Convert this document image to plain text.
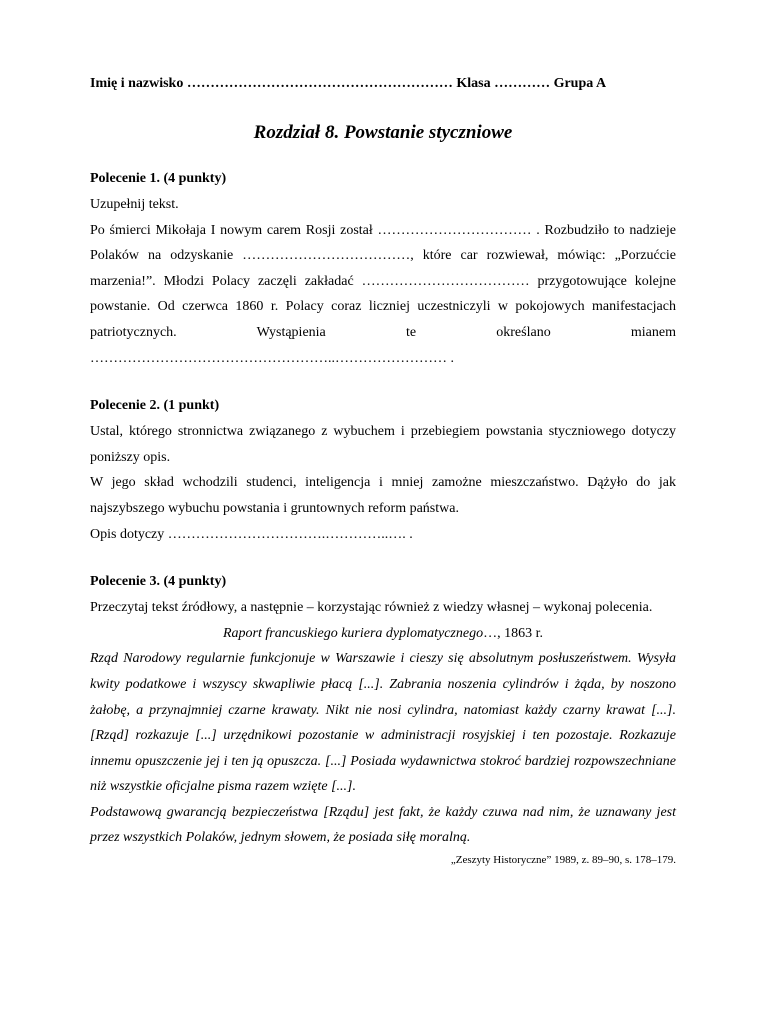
Imię i nazwisko ………………………………………………… Klasa ………… Grupa A

Rozdział 8. Powstanie styczniowe

Polecenie 1. (4 punkty)

Uzupełnij tekst.

Po śmierci Mikołaja I nowym carem Rosji został …………………………… . Rozbudziło to nadzieje Polaków na odzyskanie ………………………………, które car rozwiewał, mówiąc: „Porzućcie marzenia!”. Młodzi Polacy zaczęli zakładać ……………………………… przygotowujące kolejne powstanie. Od czerwca 1860 r. Polacy coraz liczniej uczestniczyli w pokojowych manifestacjach patriotycznych. Wystąpienia te określano mianem ……………………………………………..…………………… .

Polecenie 2. (1 punkt)

Ustal, którego stronnictwa związanego z wybuchem i przebiegiem powstania styczniowego dotyczy poniższy opis.

W jego skład wchodzili studenci, inteligencja i mniej zamożne mieszczaństwo. Dążyło do jak najszybszego wybuchu powstania i gruntownych reform państwa.

Opis dotyczy …………………………….…………..…. .

Polecenie 3. (4 punkty)

Przeczytaj tekst źródłowy, a następnie – korzystając również z wiedzy własnej – wykonaj polecenia.

Raport francuskiego kuriera dyplomatycznego…, 1863 r.

Rząd Narodowy regularnie funkcjonuje w Warszawie i cieszy się absolutnym posłuszeństwem. Wysyła kwity podatkowe i wszyscy skwapliwie płacą [...]. Zabrania noszenia cylindrów i żąda, by noszono żałobę, a przynajmniej czarne krawaty. Nikt nie nosi cylindra, natomiast każdy czarny krawat [...]. [Rząd] rozkazuje [...] urzędnikowi pozostanie w administracji rosyjskiej i ten pozostaje. Rozkazuje innemu opuszczenie jej i ten ją opuszcza. [...] Posiada wydawnictwa stokroć bardziej rozpowszechniane niż wszystkie oficjalne pisma razem wzięte [...].

Podstawową gwarancją bezpieczeństwa [Rządu] jest fakt, że każdy czuwa nad nim, że uznawany jest przez wszystkich Polaków, jednym słowem, że posiada siłę moralną.

„Zeszyty Historyczne” 1989, z. 89–90, s. 178–179.
